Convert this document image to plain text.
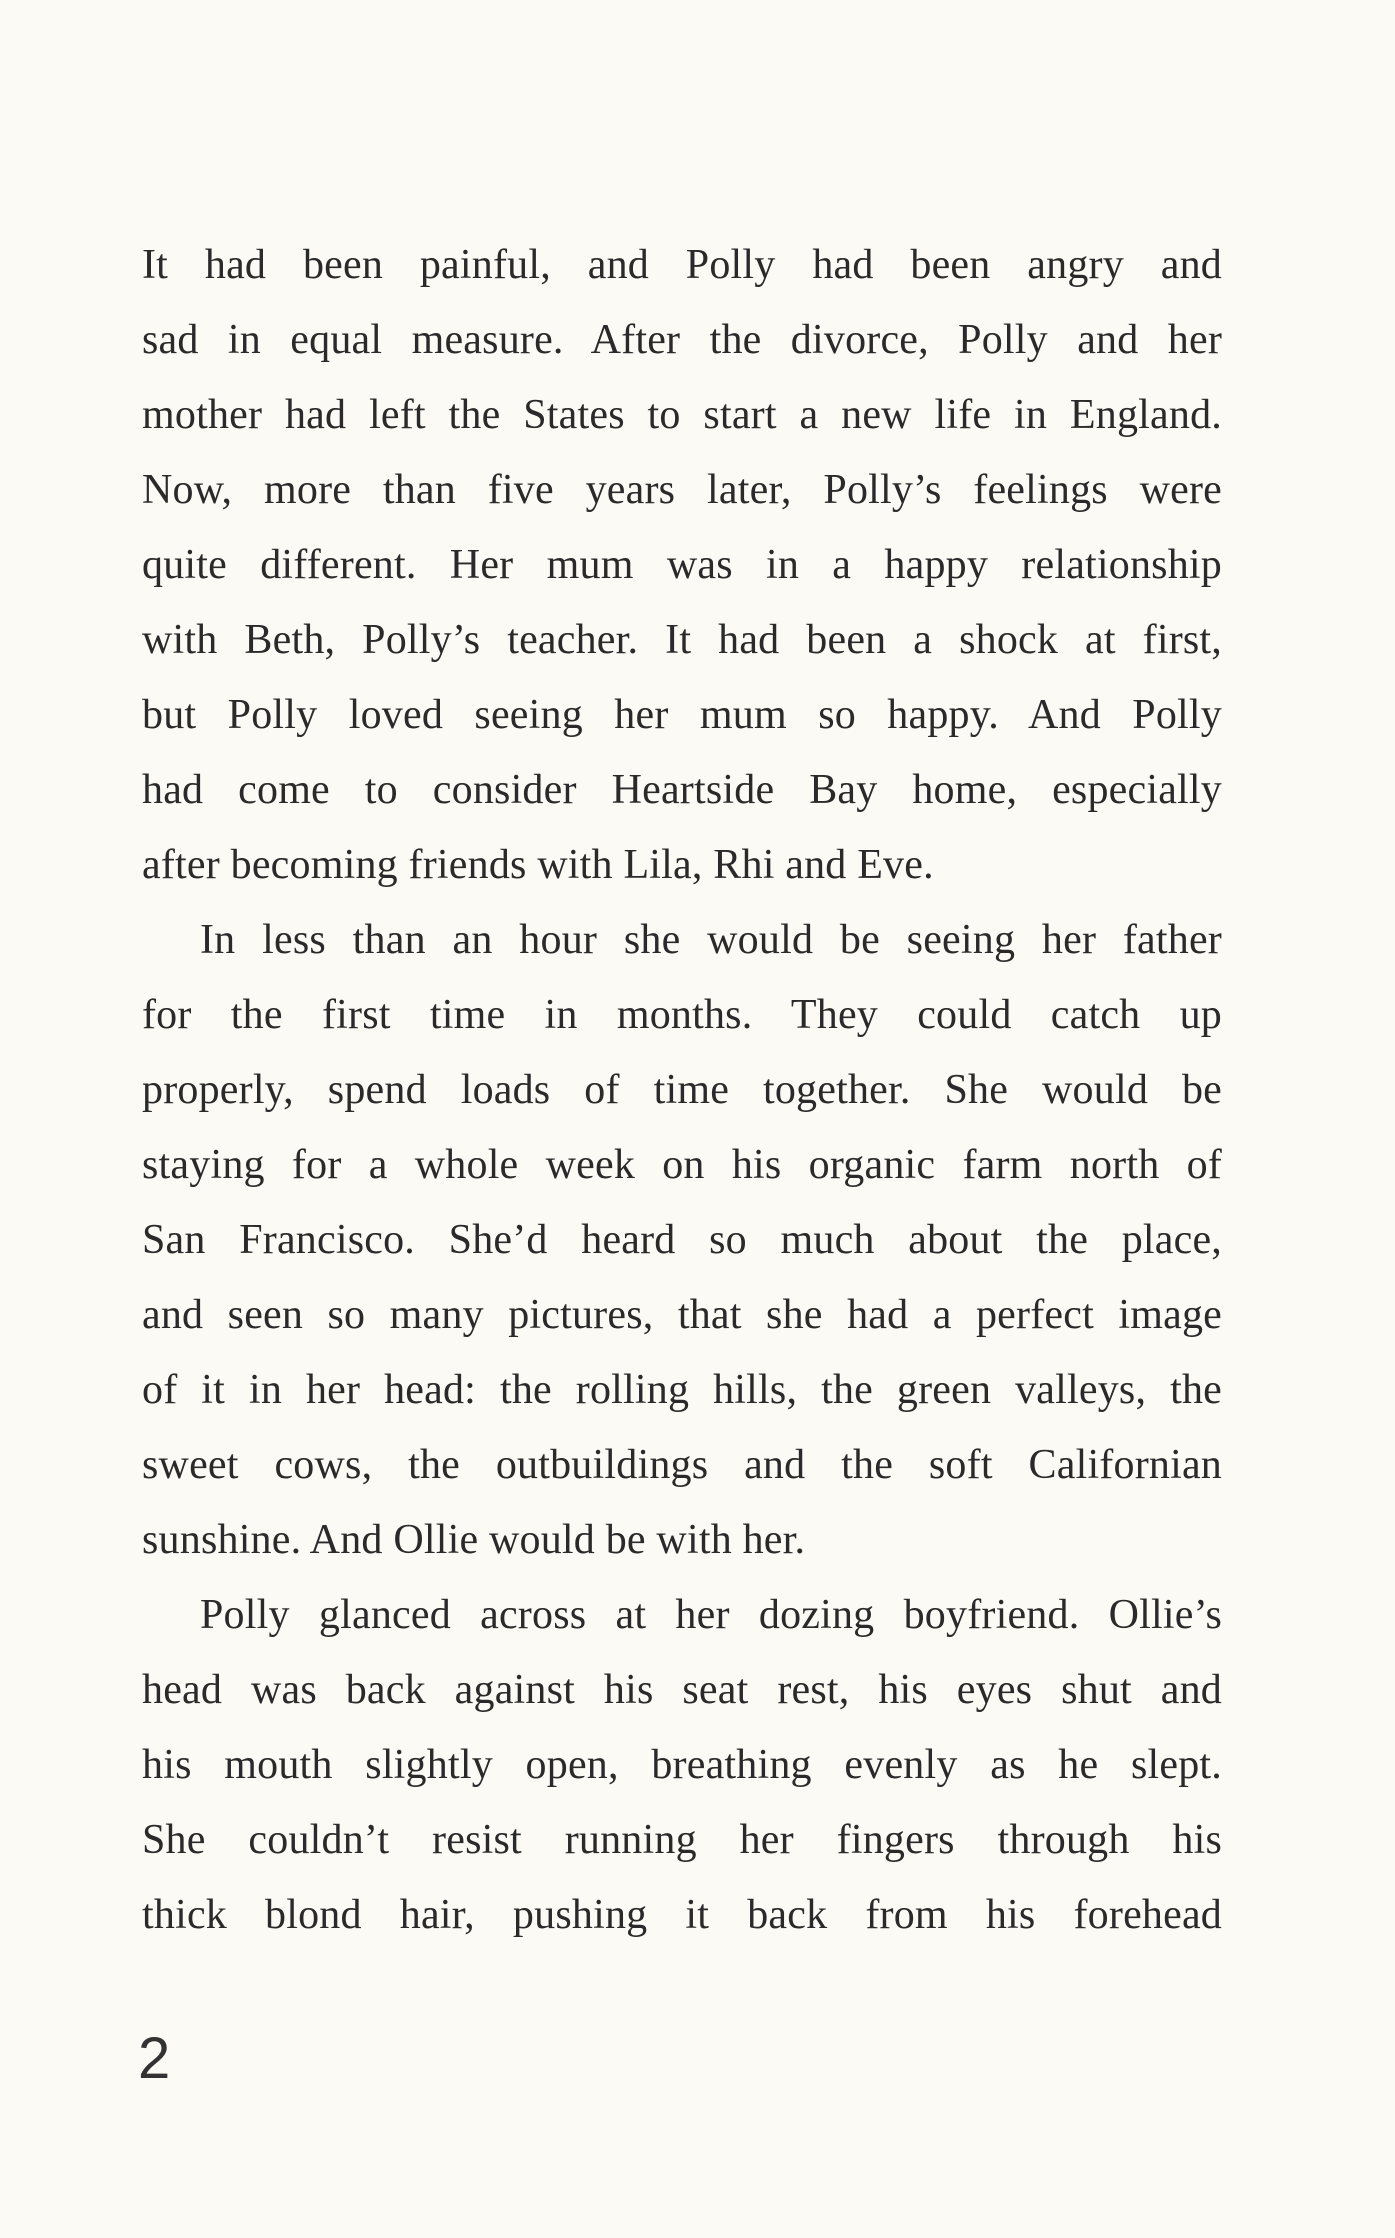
It had been painful, and Polly had been angry and
sad in equal measure. After the divorce, Polly and her
mother had left the States to start a new life in England.
Now, more than five years later, Polly’s feelings were
quite different. Her mum was in a happy relationship
with Beth, Polly’s teacher. It had been a shock at first,
but Polly loved seeing her mum so happy. And Polly
had come to consider Heartside Bay home, especially
after becoming friends with Lila, Rhi and Eve.
In less than an hour she would be seeing her father
for the first time in months. They could catch up
properly, spend loads of time together. She would be
staying for a whole week on his organic farm north of
San Francisco. She’d heard so much about the place,
and seen so many pictures, that she had a perfect image
of it in her head: the rolling hills, the green valleys, the
sweet cows, the outbuildings and the soft Californian
sunshine. And Ollie would be with her.
Polly glanced across at her dozing boyfriend. Ollie’s
head was back against his seat rest, his eyes shut and
his mouth slightly open, breathing evenly as he slept.
She couldn’t resist running her fingers through his
thick blond hair, pushing it back from his forehead
2
